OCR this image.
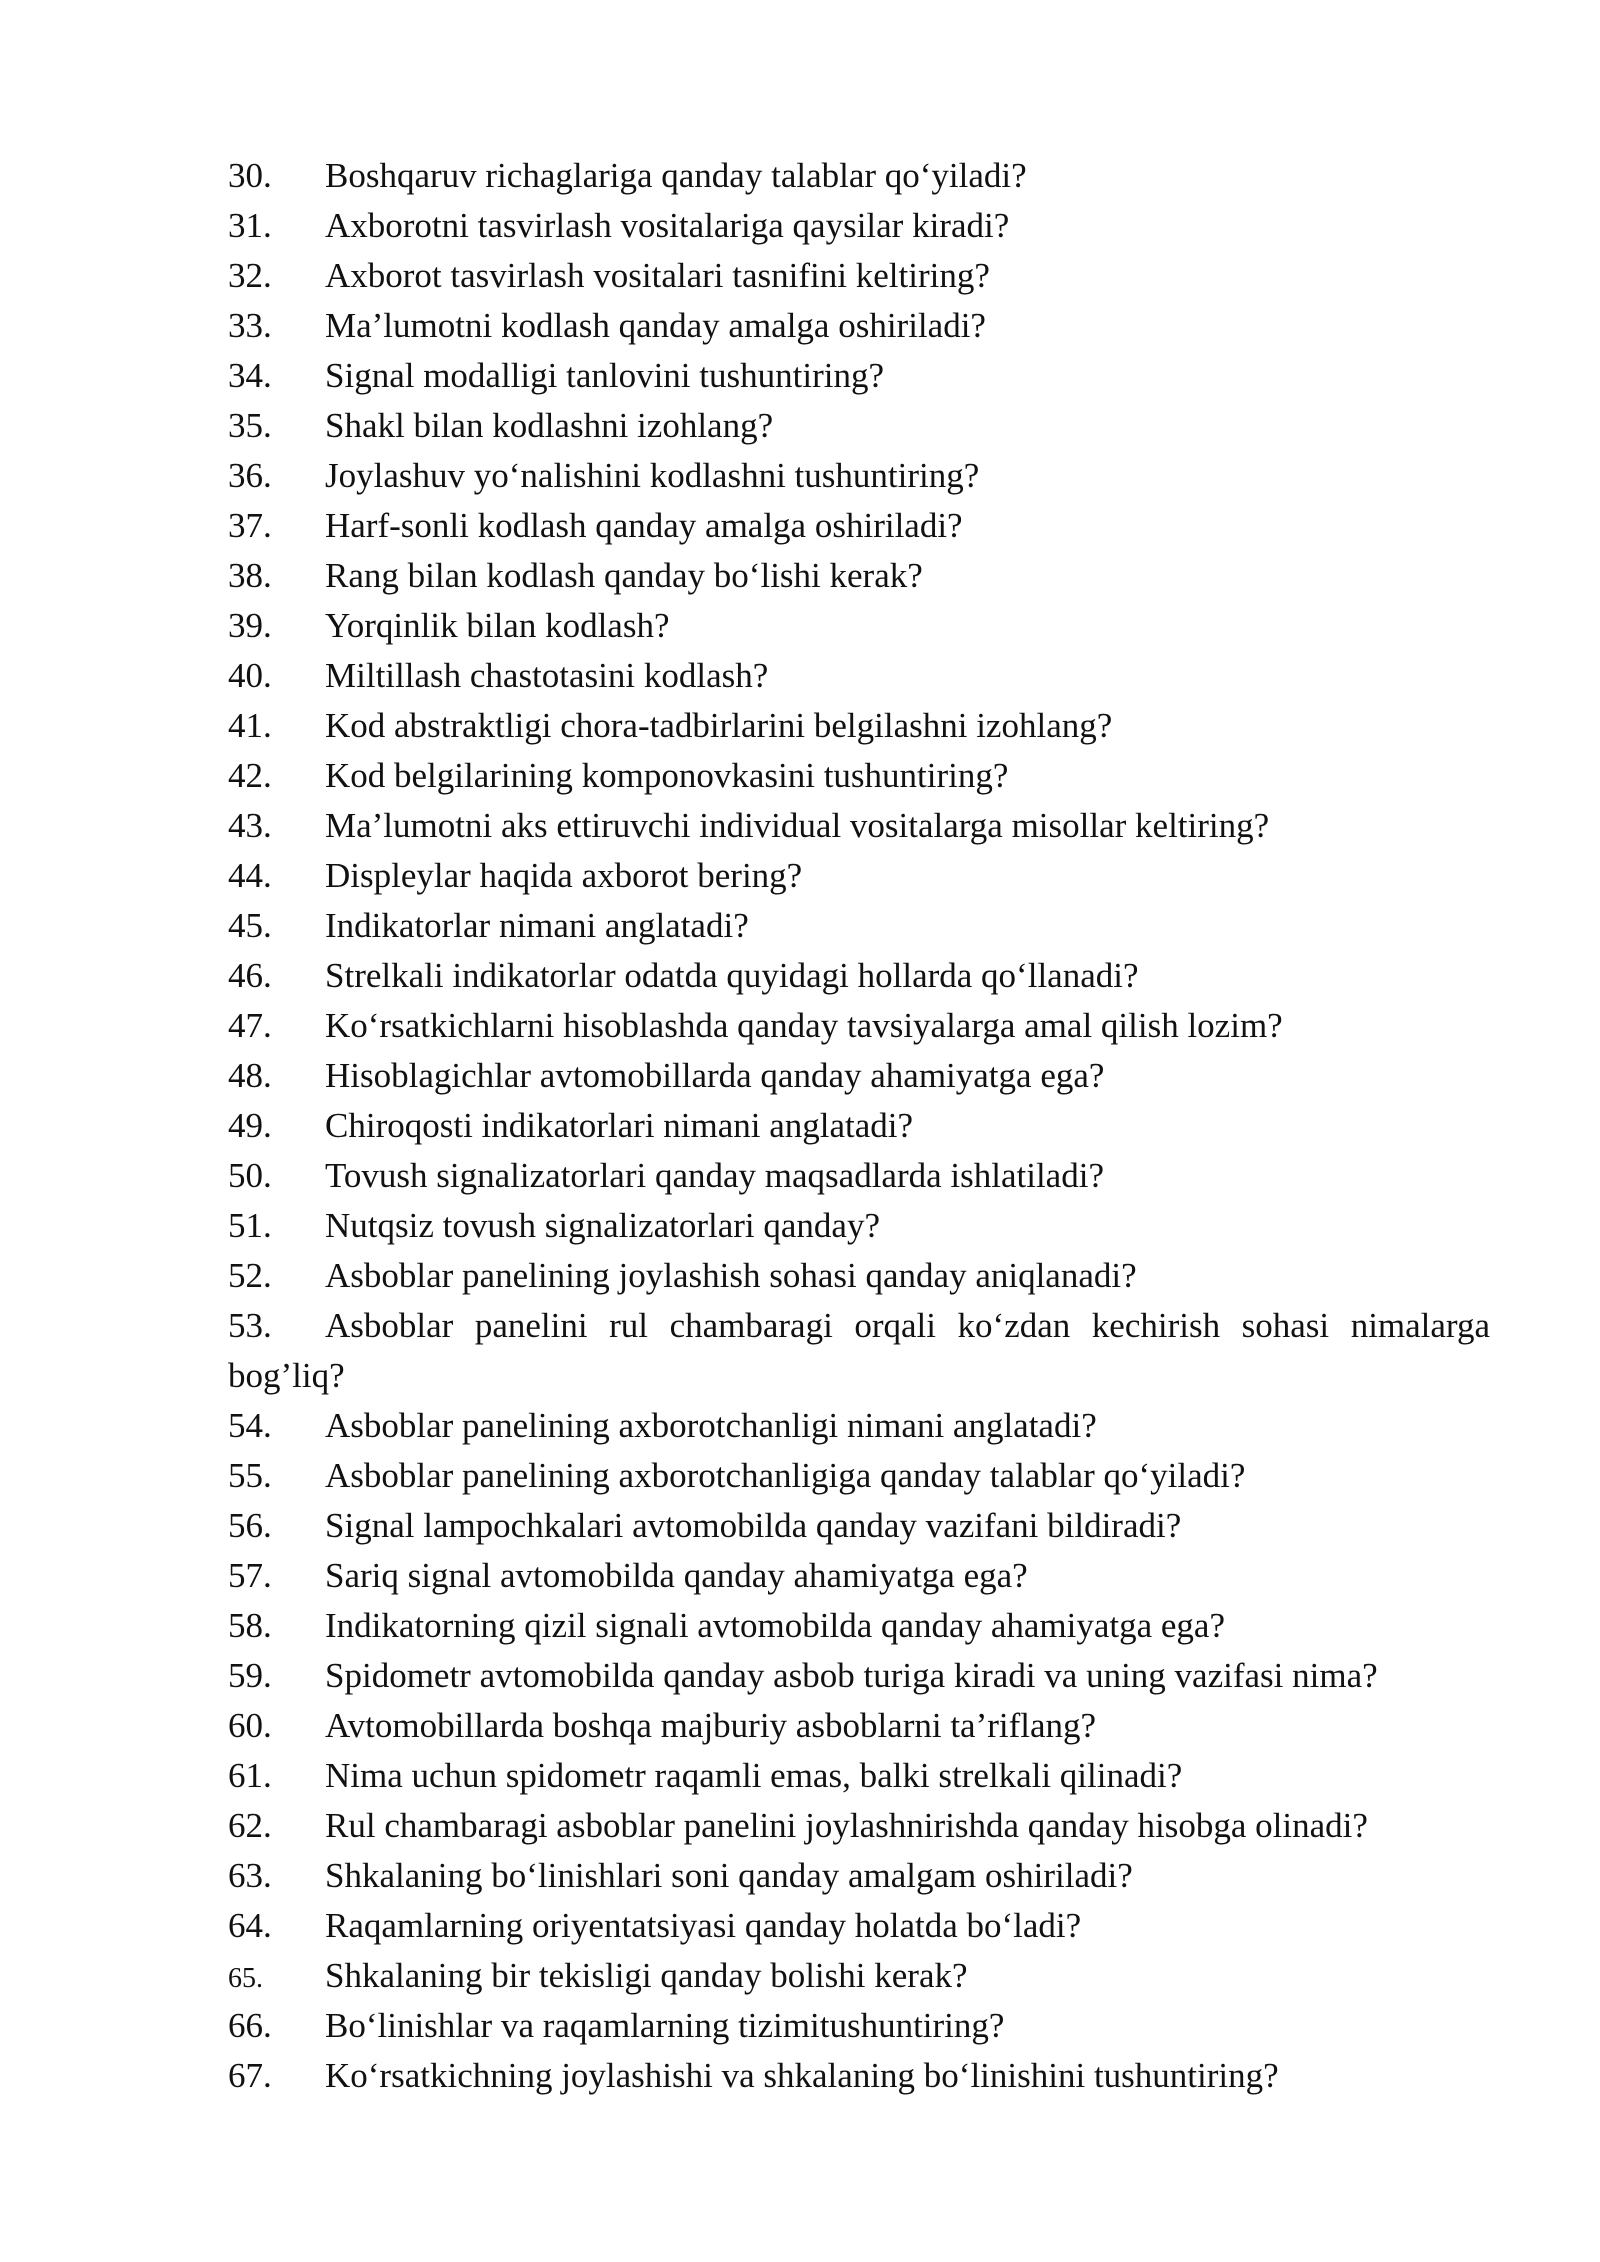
30. Boshqaruv richaglariga qanday talablar qo‘yiladi?
31. Axborotni tasvirlash vositalariga qaysilar kiradi?
32. Axborot tasvirlash vositalari tasnifini keltiring?
33. Ma’lumotni kodlash qanday amalga oshiriladi?
34. Signal modalligi tanlovini tushuntiring?
35. Shakl bilan kodlashni izohlang?
36. Joylashuv yo‘nalishini kodlashni tushuntiring?
37. Harf-sonli kodlash qanday amalga oshiriladi?
38. Rang bilan kodlash qanday bo‘lishi kerak?
39. Yorqinlik bilan kodlash?
40. Miltillash chastotasini kodlash?
41. Kod abstraktligi chora-tadbirlarini belgilashni izohlang?
42. Kod belgilarining komponovkasini tushuntiring?
43. Ma’lumotni aks ettiruvchi individual vositalarga misollar keltiring?
44. Displeylar haqida axborot bering?
45. Indikatorlar nimani anglatadi?
46. Strelkali indikatorlar odatda quyidagi hollarda qo‘llanadi?
47. Ko‘rsatkichlarni hisoblashda qanday tavsiyalarga amal qilish lozim?
48. Hisoblagichlar avtomobillarda qanday ahamiyatga ega?
49. Chiroqosti indikatorlari nimani anglatadi?
50. Tovush signalizatorlari qanday maqsadlarda ishlatiladi?
51. Nutqsiz tovush signalizatorlari qanday?
52. Asboblar panelining joylashish sohasi qanday aniqlanadi?
53. Asboblar panelini rul chambaragi orqali ko‘zdan kechirish sohasi nimalarga bog’liq?
54. Asboblar panelining axborotchanligi nimani anglatadi?
55. Asboblar panelining axborotchanligiga qanday talablar qo‘yiladi?
56. Signal lampochkalari avtomobilda qanday vazifani bildiradi?
57. Sariq signal avtomobilda qanday ahamiyatga ega?
58. Indikatorning qizil signali avtomobilda qanday ahamiyatga ega?
59. Spidometr avtomobilda qanday asbob turiga kiradi va uning vazifasi nima?
60. Avtomobillarda boshqa majburiy asboblarni ta’riflang?
61. Nima uchun spidometr raqamli emas, balki strelkali qilinadi?
62. Rul chambaragi asboblar panelini joylashnirishda qanday hisobga olinadi?
63. Shkalaning bo‘linishlari soni qanday amalgam oshiriladi?
64. Raqamlarning oriyentatsiyasi qanday holatda bo‘ladi?
65. Shkalaning bir tekisligi qanday bolishi kerak?
66. Bo‘linishlar va raqamlarning tizimitushuntiring?
67. Ko‘rsatkichning joylashishi va shkalaning bo‘linishini tushuntiring?
